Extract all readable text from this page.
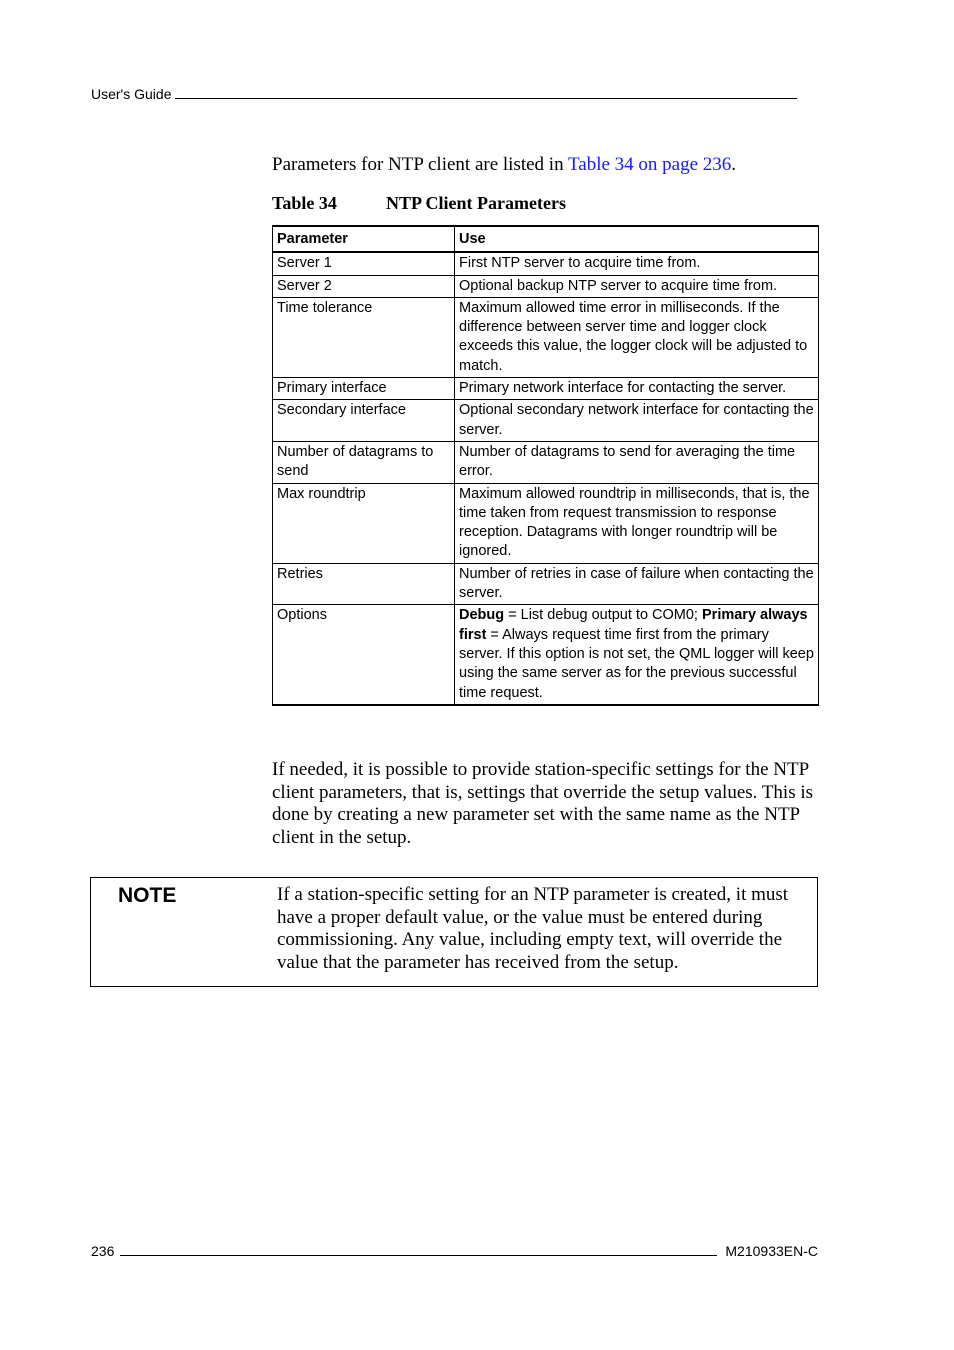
User's Guide
Parameters for NTP client are listed in Table 34 on page 236.
Table 34	NTP Client Parameters
Parameter	Use
Server 1	First NTP server to acquire time from.
Server 2	Optional backup NTP server to acquire time from.
Time tolerance	Maximum allowed time error in milliseconds. If the difference between server time and logger clock exceeds this value, the logger clock will be adjusted to match.
Primary interface	Primary network interface for contacting the server.
Secondary interface	Optional secondary network interface for contacting the server.
Number of datagrams to send	Number of datagrams to send for averaging the time error.
Max roundtrip	Maximum allowed roundtrip in milliseconds, that is, the time taken from request transmission to response reception. Datagrams with longer roundtrip will be ignored.
Retries	Number of retries in case of failure when contacting the server.
Options	Debug = List debug output to COM0; Primary always first = Always request time first from the primary server. If this option is not set, the QML logger will keep using the same server as for the previous successful time request.
If needed, it is possible to provide station-specific settings for the NTP client parameters, that is, settings that override the setup values. This is done by creating a new parameter set with the same name as the NTP client in the setup.
NOTE	If a station-specific setting for an NTP parameter is created, it must have a proper default value, or the value must be entered during commissioning. Any value, including empty text, will override the value that the parameter has received from the setup.
236	M210933EN-C
